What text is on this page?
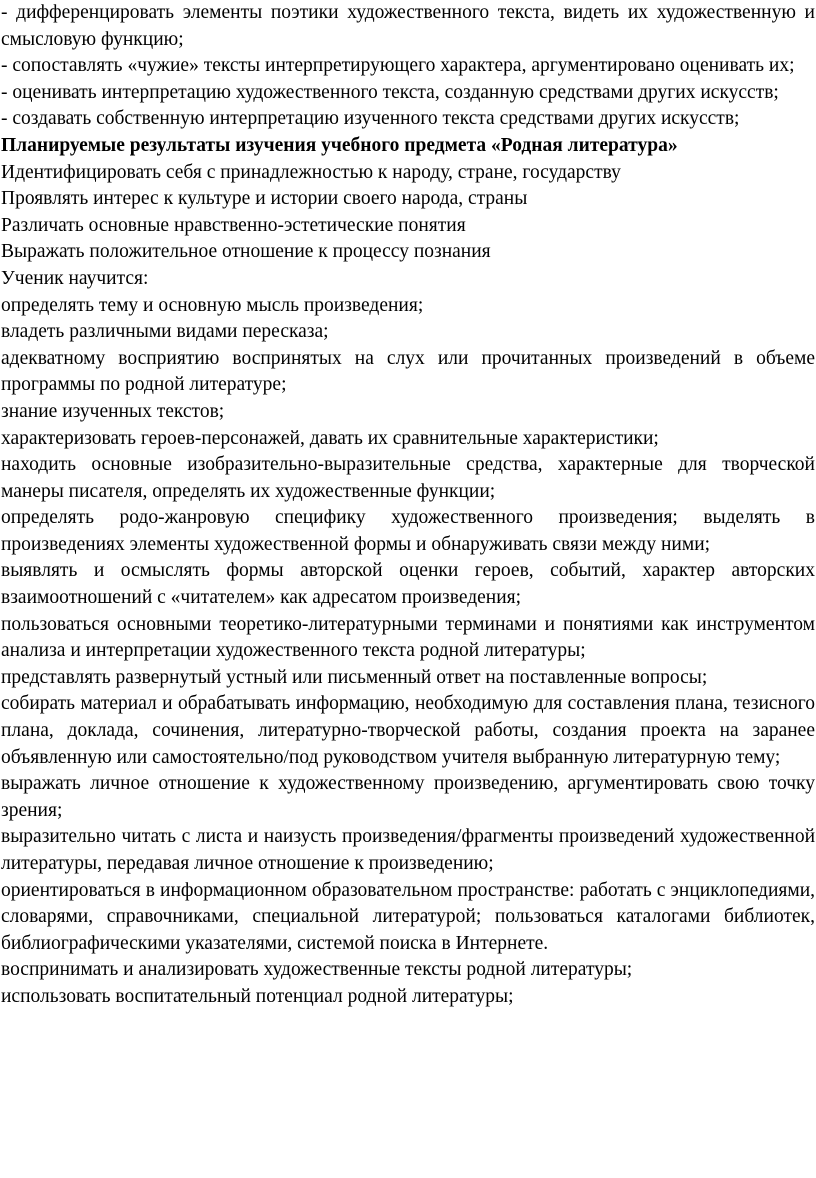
- дифференцировать элементы поэтики художественного текста, видеть их художественную и смысловую функцию;

- сопоставлять «чужие» тексты интерпретирующего характера, аргументировано оценивать их;

- оценивать интерпретацию художественного текста, созданную средствами других искусств;

- создавать собственную интерпретацию изученного текста средствами других искусств;

Планируемые результаты изучения учебного предмета «Родная литература»

Идентифицировать себя с принадлежностью к народу, стране, государству

Проявлять интерес к культуре и истории своего народа, страны

Различать основные нравственно-эстетические понятия

Выражать положительное отношение к процессу познания

Ученик научится:

определять тему и основную мысль произведения;

владеть различными видами пересказа;

адекватному восприятию воспринятых на слух или прочитанных произведений в объеме программы по родной литературе;

знание изученных текстов;

характеризовать героев-персонажей, давать их сравнительные характеристики;

находить основные изобразительно-выразительные средства, характерные для творческой манеры писателя, определять их художественные функции;

определять родо-жанровую специфику художественного произведения; выделять в произведениях элементы художественной формы и обнаруживать связи между ними;

выявлять и осмыслять формы авторской оценки героев, событий, характер авторских взаимоотношений с «читателем» как адресатом произведения;

пользоваться основными теоретико-литературными терминами и понятиями как инструментом анализа и интерпретации художественного текста родной литературы;

представлять развернутый устный или письменный ответ на поставленные вопросы;

собирать материал и обрабатывать информацию, необходимую для составления плана, тезисного плана, доклада, сочинения, литературно-творческой работы, создания проекта на заранее объявленную или самостоятельно/под руководством учителя выбранную литературную тему;

выражать личное отношение к художественному произведению, аргументировать свою точку зрения;

выразительно читать с листа и наизусть произведения/фрагменты произведений художественной литературы, передавая личное отношение к произведению;

ориентироваться в информационном образовательном пространстве: работать с энциклопедиями, словарями, справочниками, специальной литературой; пользоваться каталогами библиотек, библиографическими указателями, системой поиска в Интернете.

воспринимать и анализировать художественные тексты родной литературы;

использовать воспитательный потенциал родной литературы;
